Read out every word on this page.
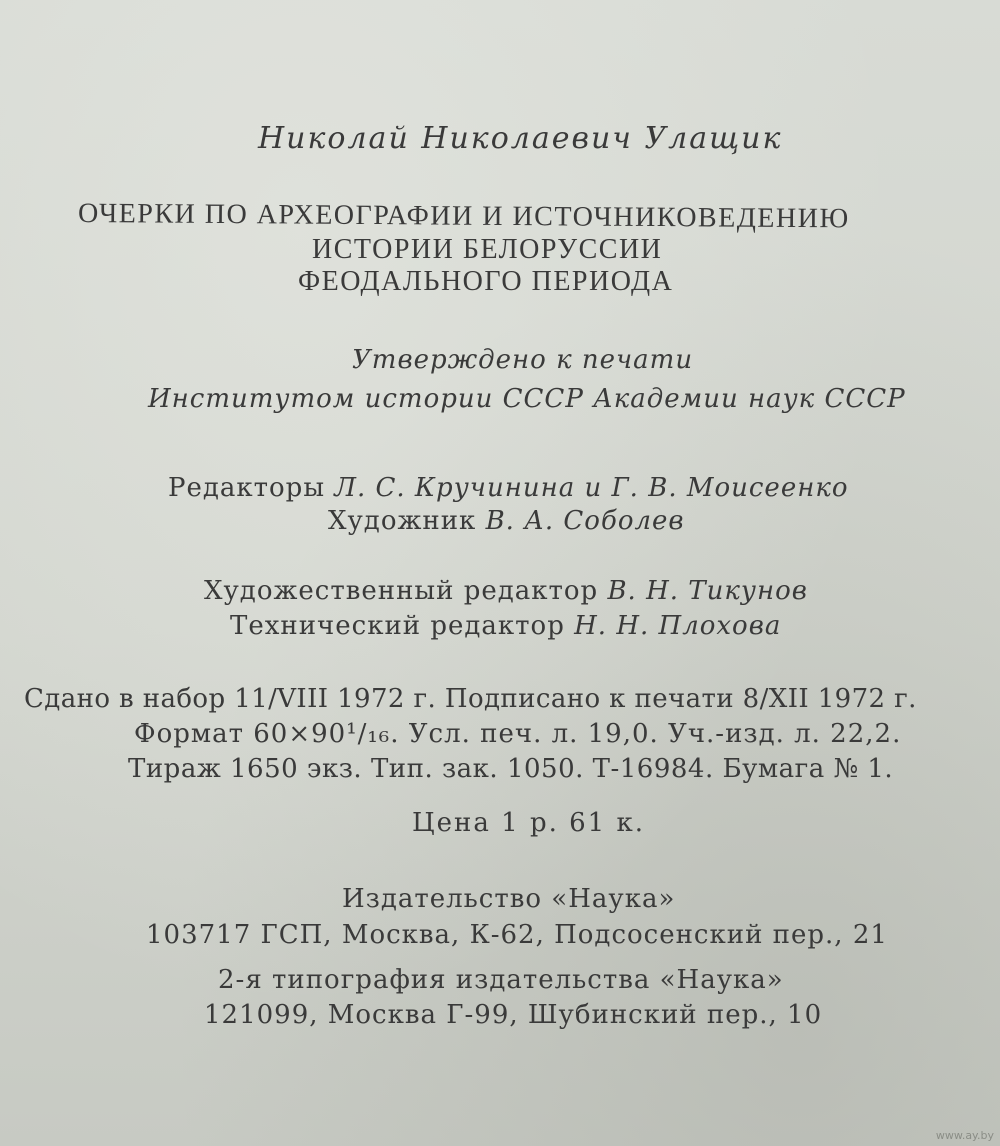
Николай Николаевич Улащик
ОЧЕРКИ ПО АРХЕОГРАФИИ И ИСТОЧНИКОВЕДЕНИЮ
ИСТОРИИ БЕЛОРУССИИ
ФЕОДАЛЬНОГО ПЕРИОДА
Утверждено к печати
Институтом истории СССР Академии наук СССР
Редакторы Л. С. Кручинина и Г. В. Моисеенко
Художник В. А. Соболев
Художественный редактор В. Н. Тикунов
Технический редактор Н. Н. Плохова
Сдано в набор 11/VIII 1972 г. Подписано к печати 8/XII 1972 г.
Формат 60×90¹/₁₆. Усл. печ. л. 19,0. Уч.-изд. л. 22,2.
Тираж 1650 экз. Тип. зак. 1050. Т-16984. Бумага № 1.
Цена 1 р. 61 к.
Издательство «Наука»
103717 ГСП, Москва, К-62, Подсосенский пер., 21
2-я типография издательства «Наука»
121099, Москва Г-99, Шубинский пер., 10
www.ay.by
